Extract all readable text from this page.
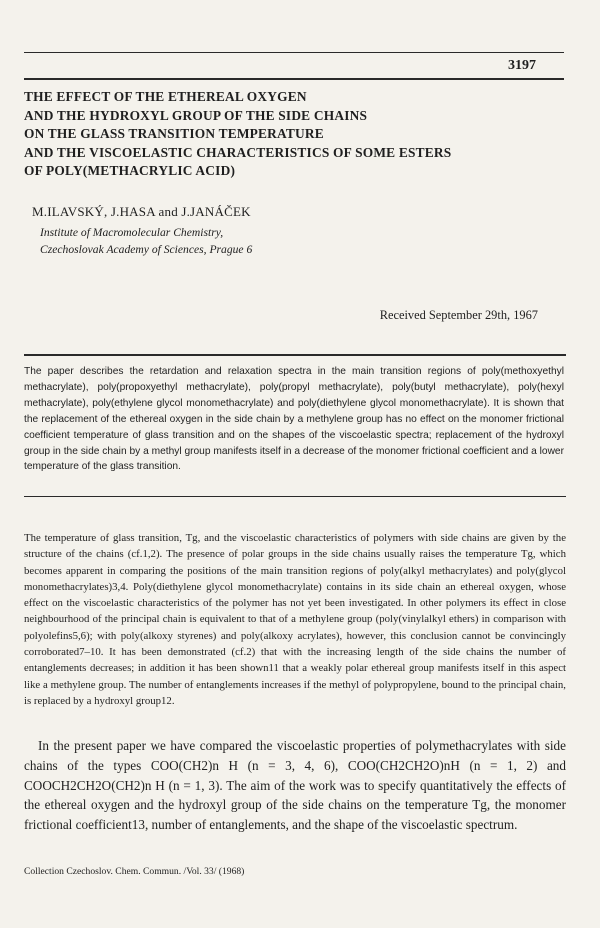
3197
THE EFFECT OF THE ETHEREAL OXYGEN
AND THE HYDROXYL GROUP OF THE SIDE CHAINS
ON THE GLASS TRANSITION TEMPERATURE
AND THE VISCOELASTIC CHARACTERISTICS OF SOME ESTERS
OF POLY(METHACRYLIC ACID)
M.ILAVSKÝ, J.HASA and J.JANÁČEK
Institute of Macromolecular Chemistry,
Czechoslovak Academy of Sciences, Prague 6
Received September 29th, 1967
The paper describes the retardation and relaxation spectra in the main transition regions of poly(methoxyethyl methacrylate), poly(propoxyethyl methacrylate), poly(propyl methacrylate), poly(butyl methacrylate), poly(hexyl methacrylate), poly(ethylene glycol monomethacrylate) and poly(diethylene glycol monomethacrylate). It is shown that the replacement of the ethereal oxygen in the side chain by a methylene group has no effect on the monomer frictional coefficient temperature of glass transition and on the shapes of the viscoelastic spectra; replacement of the hydroxyl group in the side chain by a methyl group manifests itself in a decrease of the monomer frictional coefficient and a lower temperature of the glass transition.
The temperature of glass transition, Tg, and the viscoelastic characteristics of polymers with side chains are given by the structure of the chains (cf.1,2). The presence of polar groups in the side chains usually raises the temperature Tg, which becomes apparent in comparing the positions of the main transition regions of poly(alkyl methacrylates) and poly(glycol monomethacrylates)3,4. Poly(diethylene glycol monomethacrylate) contains in its side chain an ethereal oxygen, whose effect on the viscoelastic characteristics of the polymer has not yet been investigated. In other polymers its effect in close neighbourhood of the principal chain is equivalent to that of a methylene group (poly(vinylalkyl ethers) in comparison with polyolefins5,6); with poly(alkoxy styrenes) and poly(alkoxy acrylates), however, this conclusion cannot be convincingly corroborated7–10. It has been demonstrated (cf.2) that with the increasing length of the side chains the number of entanglements decreases; in addition it has been shown11 that a weakly polar ethereal group manifests itself in this aspect like a methylene group. The number of entanglements increases if the methyl of polypropylene, bound to the principal chain, is replaced by a hydroxyl group12.
In the present paper we have compared the viscoelastic properties of polymethacrylates with side chains of the types COO(CH2)n H (n = 3, 4, 6), COO(CH2CH2O)nH (n = 1, 2) and COOCH2CH2O(CH2)n H (n = 1, 3). The aim of the work was to specify quantitatively the effects of the ethereal oxygen and the hydroxyl group of the side chains on the temperature Tg, the monomer frictional coefficient13, number of entanglements, and the shape of the viscoelastic spectrum.
Collection Czechoslov. Chem. Commun. /Vol. 33/ (1968)
